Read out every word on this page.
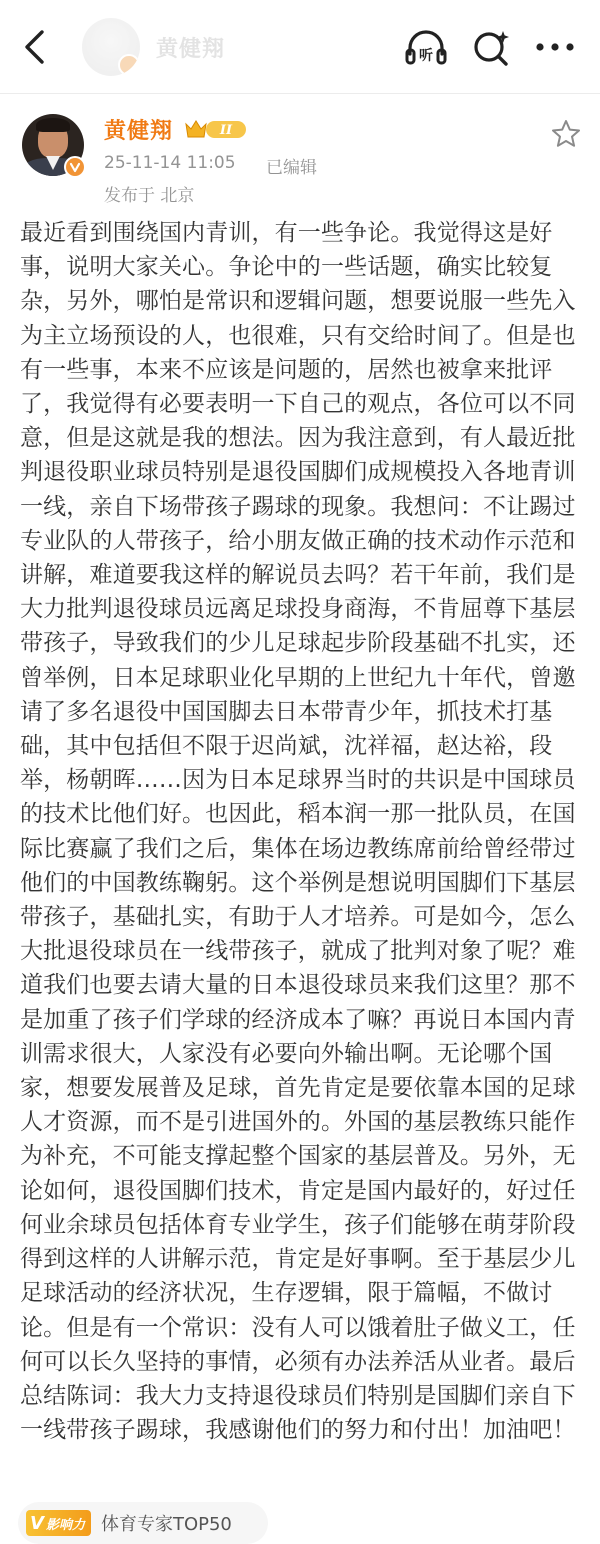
黄健翔	听
黄健翔	II
25-11-14 11:05 已编辑
发布于 北京

最近看到围绕国内青训，有一些争论。我觉得这是好事，说明大家关心。争论中的一些话题，确实比较复杂，另外，哪怕是常识和逻辑问题，想要说服一些先入为主立场预设的人，也很难，只有交给时间了。但是也有一些事，本来不应该是问题的，居然也被拿来批评了，我觉得有必要表明一下自己的观点，各位可以不同意，但是这就是我的想法。因为我注意到，有人最近批判退役职业球员特别是退役国脚们成规模投入各地青训一线，亲自下场带孩子踢球的现象。我想问：不让踢过专业队的人带孩子，给小朋友做正确的技术动作示范和讲解，难道要我这样的解说员去吗？若干年前，我们是大力批判退役球员远离足球投身商海，不肯屈尊下基层带孩子，导致我们的少儿足球起步阶段基础不扎实，还曾举例，日本足球职业化早期的上世纪九十年代，曾邀请了多名退役中国国脚去日本带青少年，抓技术打基础，其中包括但不限于迟尚斌，沈祥福，赵达裕，段举，杨朝晖……因为日本足球界当时的共识是中国球员的技术比他们好。也因此，稻本润一那一批队员，在国际比赛赢了我们之后，集体在场边教练席前给曾经带过他们的中国教练鞠躬。这个举例是想说明国脚们下基层带孩子，基础扎实，有助于人才培养。可是如今，怎么大批退役球员在一线带孩子，就成了批判对象了呢？难道我们也要去请大量的日本退役球员来我们这里？那不是加重了孩子们学球的经济成本了嘛？再说日本国内青训需求很大，人家没有必要向外输出啊。无论哪个国家，想要发展普及足球，首先肯定是要依靠本国的足球人才资源，而不是引进国外的。外国的基层教练只能作为补充，不可能支撑起整个国家的基层普及。另外，无论如何，退役国脚们技术，肯定是国内最好的，好过任何业余球员包括体育专业学生，孩子们能够在萌芽阶段得到这样的人讲解示范，肯定是好事啊。至于基层少儿足球活动的经济状况，生存逻辑，限于篇幅，不做讨论。但是有一个常识：没有人可以饿着肚子做义工，任何可以长久坚持的事情，必须有办法养活从业者。最后总结陈词：我大力支持退役球员们特别是国脚们亲自下一线带孩子踢球，我感谢他们的努力和付出！加油吧！

V 影响力 体育专家TOP50
